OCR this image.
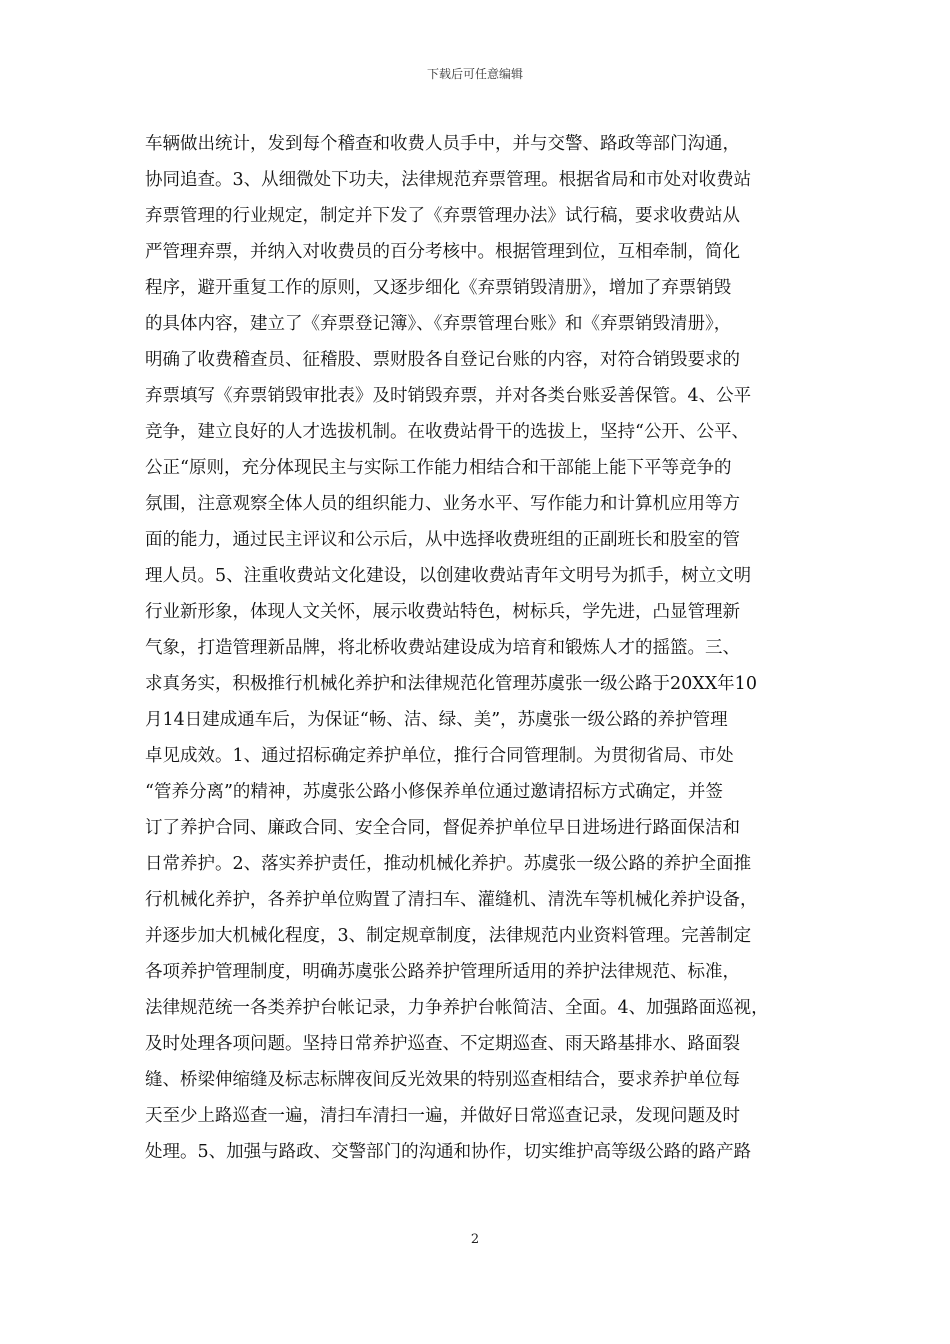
下载后可任意编辑
车辆做出统计，发到每个稽查和收费人员手中，并与交警、路政等部门沟通，
协同追查。3、从细微处下功夫，法律规范弃票管理。根据省局和市处对收费站
弃票管理的行业规定，制定并下发了《弃票管理办法》试行稿，要求收费站从
严管理弃票，并纳入对收费员的百分考核中。根据管理到位，互相牵制，简化
程序，避开重复工作的原则，又逐步细化《弃票销毁清册》，增加了弃票销毁
的具体内容，建立了《弃票登记簿》、《弃票管理台账》和《弃票销毁清册》，
明确了收费稽查员、征稽股、票财股各自登记台账的内容，对符合销毁要求的
弃票填写《弃票销毁审批表》及时销毁弃票，并对各类台账妥善保管。4、公平
竞争，建立良好的人才选拔机制。在收费站骨干的选拔上，坚持“公开、公平、
公正“原则，充分体现民主与实际工作能力相结合和干部能上能下平等竞争的
氛围，注意观察全体人员的组织能力、业务水平、写作能力和计算机应用等方
面的能力，通过民主评议和公示后，从中选择收费班组的正副班长和股室的管
理人员。5、注重收费站文化建设，以创建收费站青年文明号为抓手，树立文明
行业新形象，体现人文关怀，展示收费站特色，树标兵，学先进，凸显管理新
气象，打造管理新品牌，将北桥收费站建设成为培育和锻炼人才的摇篮。三、
求真务实，积极推行机械化养护和法律规范化管理苏虞张一级公路于20XX年10
月14日建成通车后，为保证“畅、洁、绿、美”，苏虞张一级公路的养护管理
卓见成效。1、通过招标确定养护单位，推行合同管理制。为贯彻省局、市处
“管养分离”的精神，苏虞张公路小修保养单位通过邀请招标方式确定，并签
订了养护合同、廉政合同、安全合同，督促养护单位早日进场进行路面保洁和
日常养护。2、落实养护责任，推动机械化养护。苏虞张一级公路的养护全面推
行机械化养护，各养护单位购置了清扫车、灌缝机、清洗车等机械化养护设备，
并逐步加大机械化程度，3、制定规章制度，法律规范内业资料管理。完善制定
各项养护管理制度，明确苏虞张公路养护管理所适用的养护法律规范、标准，
法律规范统一各类养护台帐记录，力争养护台帐简洁、全面。4、加强路面巡视，
及时处理各项问题。坚持日常养护巡查、不定期巡查、雨天路基排水、路面裂
缝、桥梁伸缩缝及标志标牌夜间反光效果的特别巡查相结合，要求养护单位每
天至少上路巡查一遍，清扫车清扫一遍，并做好日常巡查记录，发现问题及时
处理。5、加强与路政、交警部门的沟通和协作，切实维护高等级公路的路产路
2
